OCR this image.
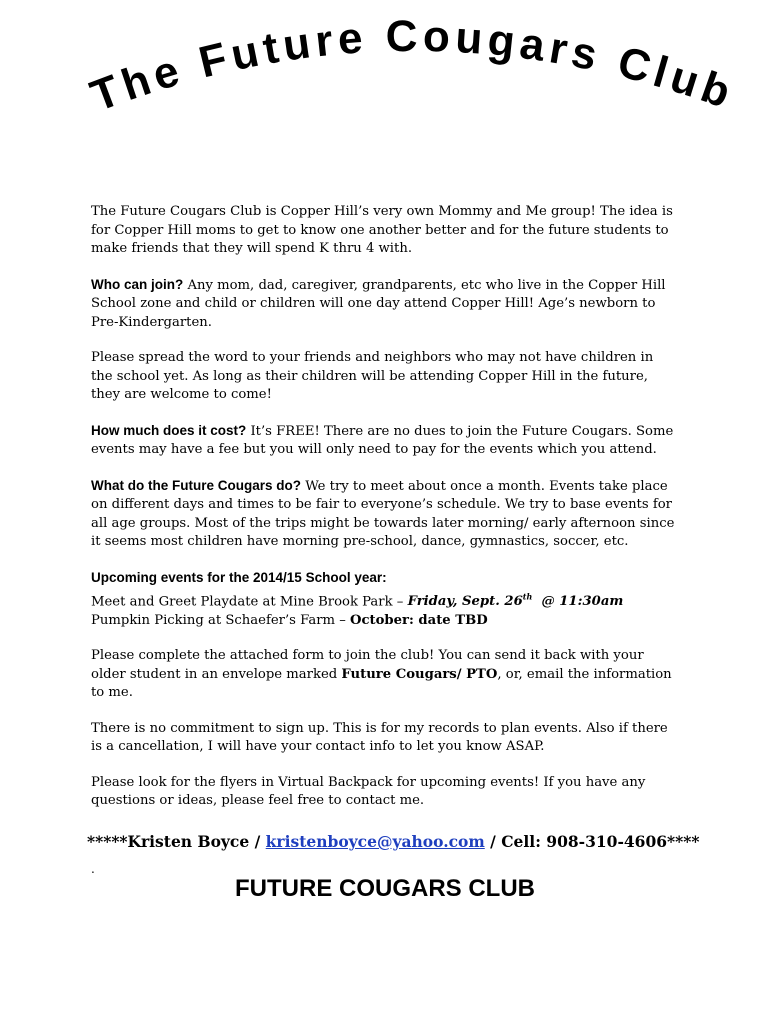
The Future Cougars Club

The Future Cougars Club is Copper Hill’s very own Mommy and Me group! The idea is for Copper Hill moms to get to know one another better and for the future students to make friends that they will spend K thru 4 with.

Who can join? Any mom, dad, caregiver, grandparents, etc who live in the Copper Hill School zone and child or children will one day attend Copper Hill! Age’s newborn to Pre-Kindergarten.

Please spread the word to your friends and neighbors who may not have children in the school yet. As long as their children will be attending Copper Hill in the future, they are welcome to come!

How much does it cost? It’s FREE! There are no dues to join the Future Cougars. Some events may have a fee but you will only need to pay for the events which you attend.

What do the Future Cougars do? We try to meet about once a month. Events take place on different days and times to be fair to everyone’s schedule. We try to base events for all age groups. Most of the trips might be towards later morning/ early afternoon since it seems most children have morning pre-school, dance, gymnastics, soccer, etc.

Upcoming events for the 2014/15 School year:

Meet and Greet Playdate at Mine Brook Park – Friday, Sept. 26th  @ 11:30am

Pumpkin Picking at Schaefer’s Farm – October: date TBD

Please complete the attached form to join the club! You can send it back with your older student in an envelope marked Future Cougars/ PTO, or, email the information to me.

There is no commitment to sign up. This is for my records to plan events. Also if there is a cancellation, I will have your contact info to let you know ASAP.

Please look for the flyers in Virtual Backpack for upcoming events! If you have any questions or ideas, please feel free to contact me.

*****Kristen Boyce / kristenboyce@yahoo.com / Cell: 908-310-4606****
.
FUTURE COUGARS CLUB
